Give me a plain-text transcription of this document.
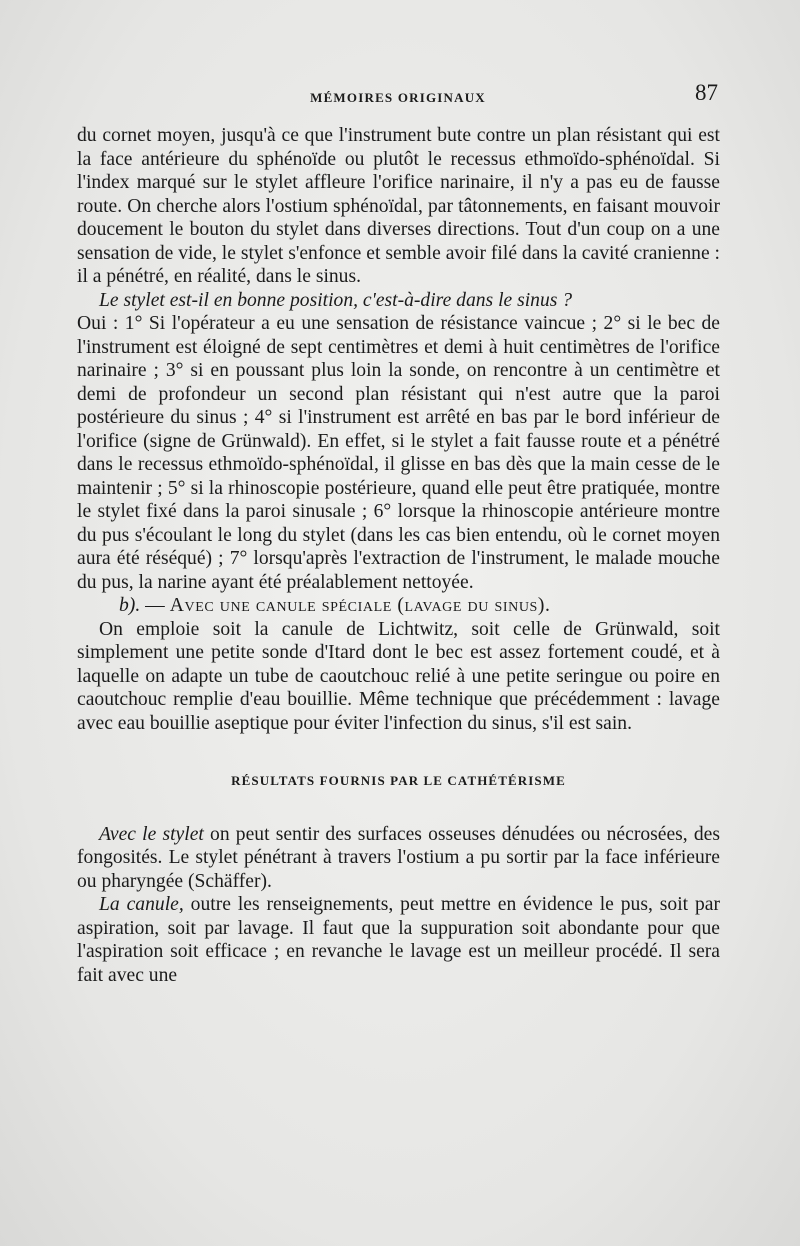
MÉMOIRES ORIGINAUX	87

du cornet moyen, jusqu'à ce que l'instrument bute contre un plan résistant qui est la face antérieure du sphénoïde ou plutôt le recessus ethmoïdo-sphénoïdal. Si l'index marqué sur le stylet affleure l'orifice narinaire, il n'y a pas eu de fausse route. On cherche alors l'ostium sphénoïdal, par tâtonnements, en faisant mouvoir doucement le bouton du stylet dans diverses directions. Tout d'un coup on a une sensation de vide, le stylet s'enfonce et semble avoir filé dans la cavité cranienne : il a pénétré, en réalité, dans le sinus.

Le stylet est-il en bonne position, c'est-à-dire dans le sinus ?
Oui : 1° Si l'opérateur a eu une sensation de résistance vaincue ; 2° si le bec de l'instrument est éloigné de sept centimètres et demi à huit centimètres de l'orifice narinaire ; 3° si en poussant plus loin la sonde, on rencontre à un centimètre et demi de profondeur un second plan résistant qui n'est autre que la paroi postérieure du sinus ; 4° si l'instrument est arrêté en bas par le bord inférieur de l'orifice (signe de Grünwald). En effet, si le stylet a fait fausse route et a pénétré dans le recessus ethmoïdo-sphénoïdal, il glisse en bas dès que la main cesse de le maintenir ; 5° si la rhinoscopie postérieure, quand elle peut être pratiquée, montre le stylet fixé dans la paroi sinusale ; 6° lorsque la rhinoscopie antérieure montre du pus s'écoulant le long du stylet (dans les cas bien entendu, où le cornet moyen aura été réséqué) ; 7° lorsqu'après l'extraction de l'instrument, le malade mouche du pus, la narine ayant été préalablement nettoyée.

b). — Avec une canule spéciale (lavage du sinus).

On emploie soit la canule de Lichtwitz, soit celle de Grünwald, soit simplement une petite sonde d'Itard dont le bec est assez fortement coudé, et à laquelle on adapte un tube de caoutchouc relié à une petite seringue ou poire en caoutchouc remplie d'eau bouillie. Même technique que précédemment : lavage avec eau bouillie aseptique pour éviter l'infection du sinus, s'il est sain.

RÉSULTATS FOURNIS PAR LE CATHÉTÉRISME

Avec le stylet on peut sentir des surfaces osseuses dénudées ou nécrosées, des fongosités. Le stylet pénétrant à travers l'ostium a pu sortir par la face inférieure ou pharyngée (Schäffer).

La canule, outre les renseignements, peut mettre en évidence le pus, soit par aspiration, soit par lavage. Il faut que la suppuration soit abondante pour que l'aspiration soit efficace ; en revanche le lavage est un meilleur procédé. Il sera fait avec une
